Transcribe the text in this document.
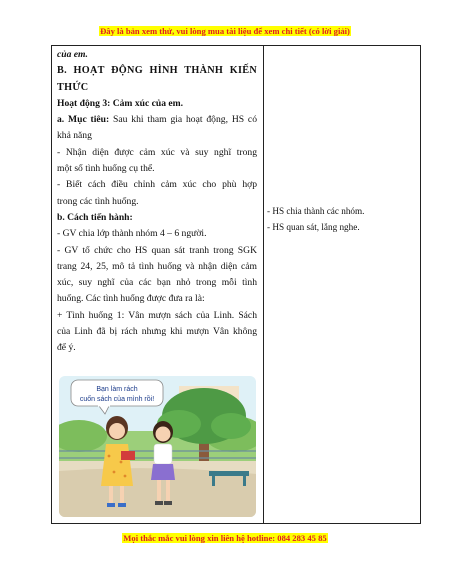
Đây là bản xem thử, vui lòng mua tài liệu để xem chi tiết (có lời giải)

của em.

B. HOẠT ĐỘNG HÌNH THÀNH KIẾN

THỨC

Hoạt động 3: Cảm xúc của em.

a. Mục tiêu: Sau khi tham gia hoạt động, HS có

khả năng

- Nhận diện được cảm xúc và suy nghĩ trong

một số tình huống cụ thể.

- Biết cách điều chỉnh cảm xúc cho phù hợp

trong các tình huống.

b. Cách tiến hành:

- GV chia lớp thành nhóm 4 – 6 người.

- GV tổ chức cho HS quan sát tranh trong SGK

trang 24, 25, mô tả tình huống và nhận diện cảm

xúc, suy nghĩ của các bạn nhỏ trong mỗi tình

huống. Các tình huống được đưa ra là:

+ Tình huống 1: Vân mượn sách của Linh. Sách

của Linh đã bị rách nhưng khi mượn Vân không

để ý.

- HS chia thành các nhóm.

- HS quan sát, lắng nghe.

Bạn làm rách
cuốn sách của mình rồi!
Mọi thắc mắc vui lòng xin liên hệ hotline: 084 283 45 85
